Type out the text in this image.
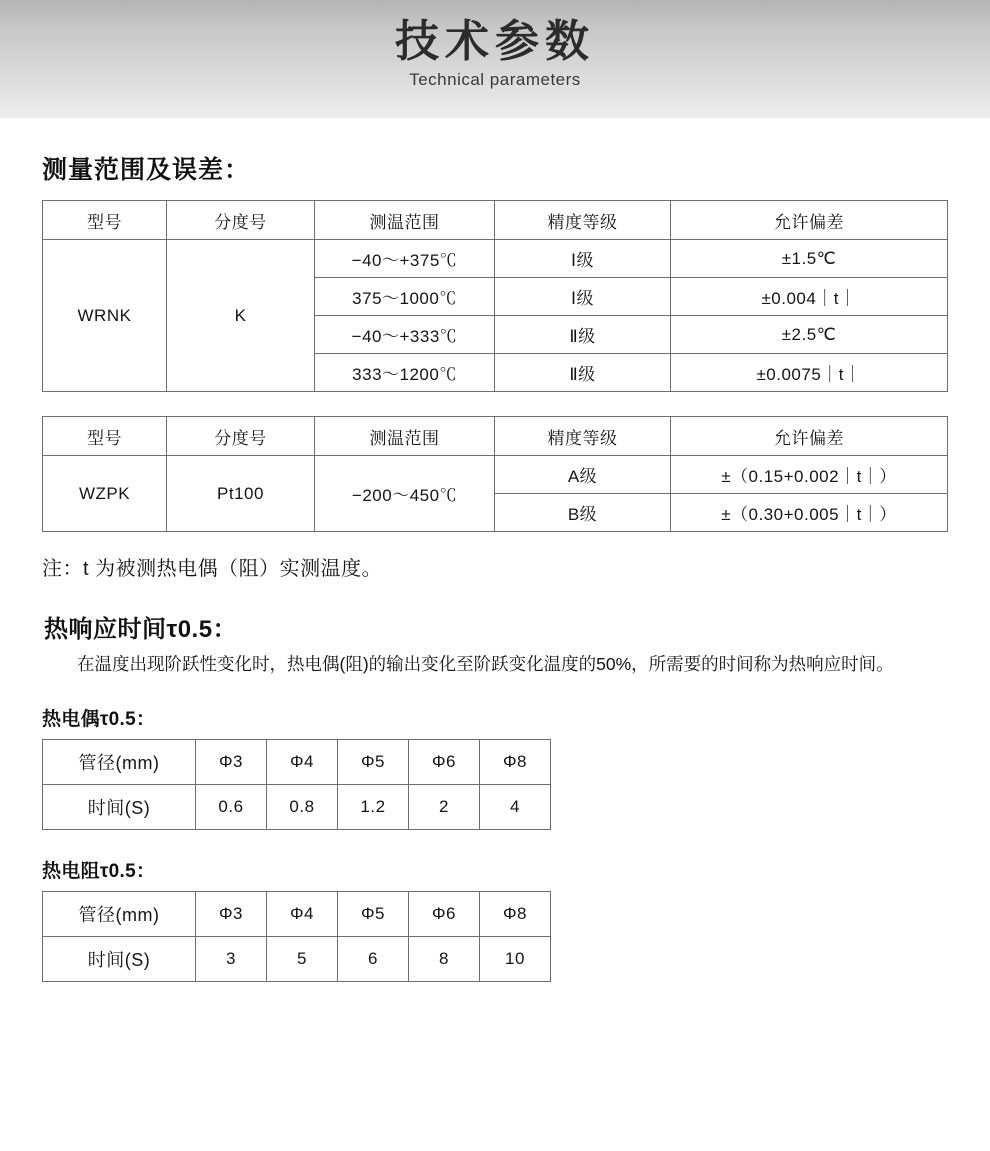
技术参数
Technical parameters
测量范围及误差：
型号	分度号	测温范围	精度等级	允许偏差
WRNK	K	−40～+375℃	Ⅰ级	±1.5℃
		375～1000℃	Ⅰ级	±0.004｜t｜
		−40～+333℃	Ⅱ级	±2.5℃
		333～1200℃	Ⅱ级	±0.0075｜t｜
型号	分度号	测温范围	精度等级	允许偏差
WZPK	Pt100	−200～450℃	A级	±（0.15+0.002｜t｜）
			B级	±（0.30+0.005｜t｜）

注：t 为被测热电偶（阻）实测温度。

热响应时间τ0.5：

在温度出现阶跃性变化时，热电偶(阻)的输出变化至阶跃变化温度的50%，所需要的时间称为热响应时间。

热电偶τ0.5：
管径(mm)	Φ3	Φ4	Φ5	Φ6	Φ8
时间(S)	0.6	0.8	1.2	2	4
热电阻τ0.5：
管径(mm)	Φ3	Φ4	Φ5	Φ6	Φ8
时间(S)	3	5	6	8	10
